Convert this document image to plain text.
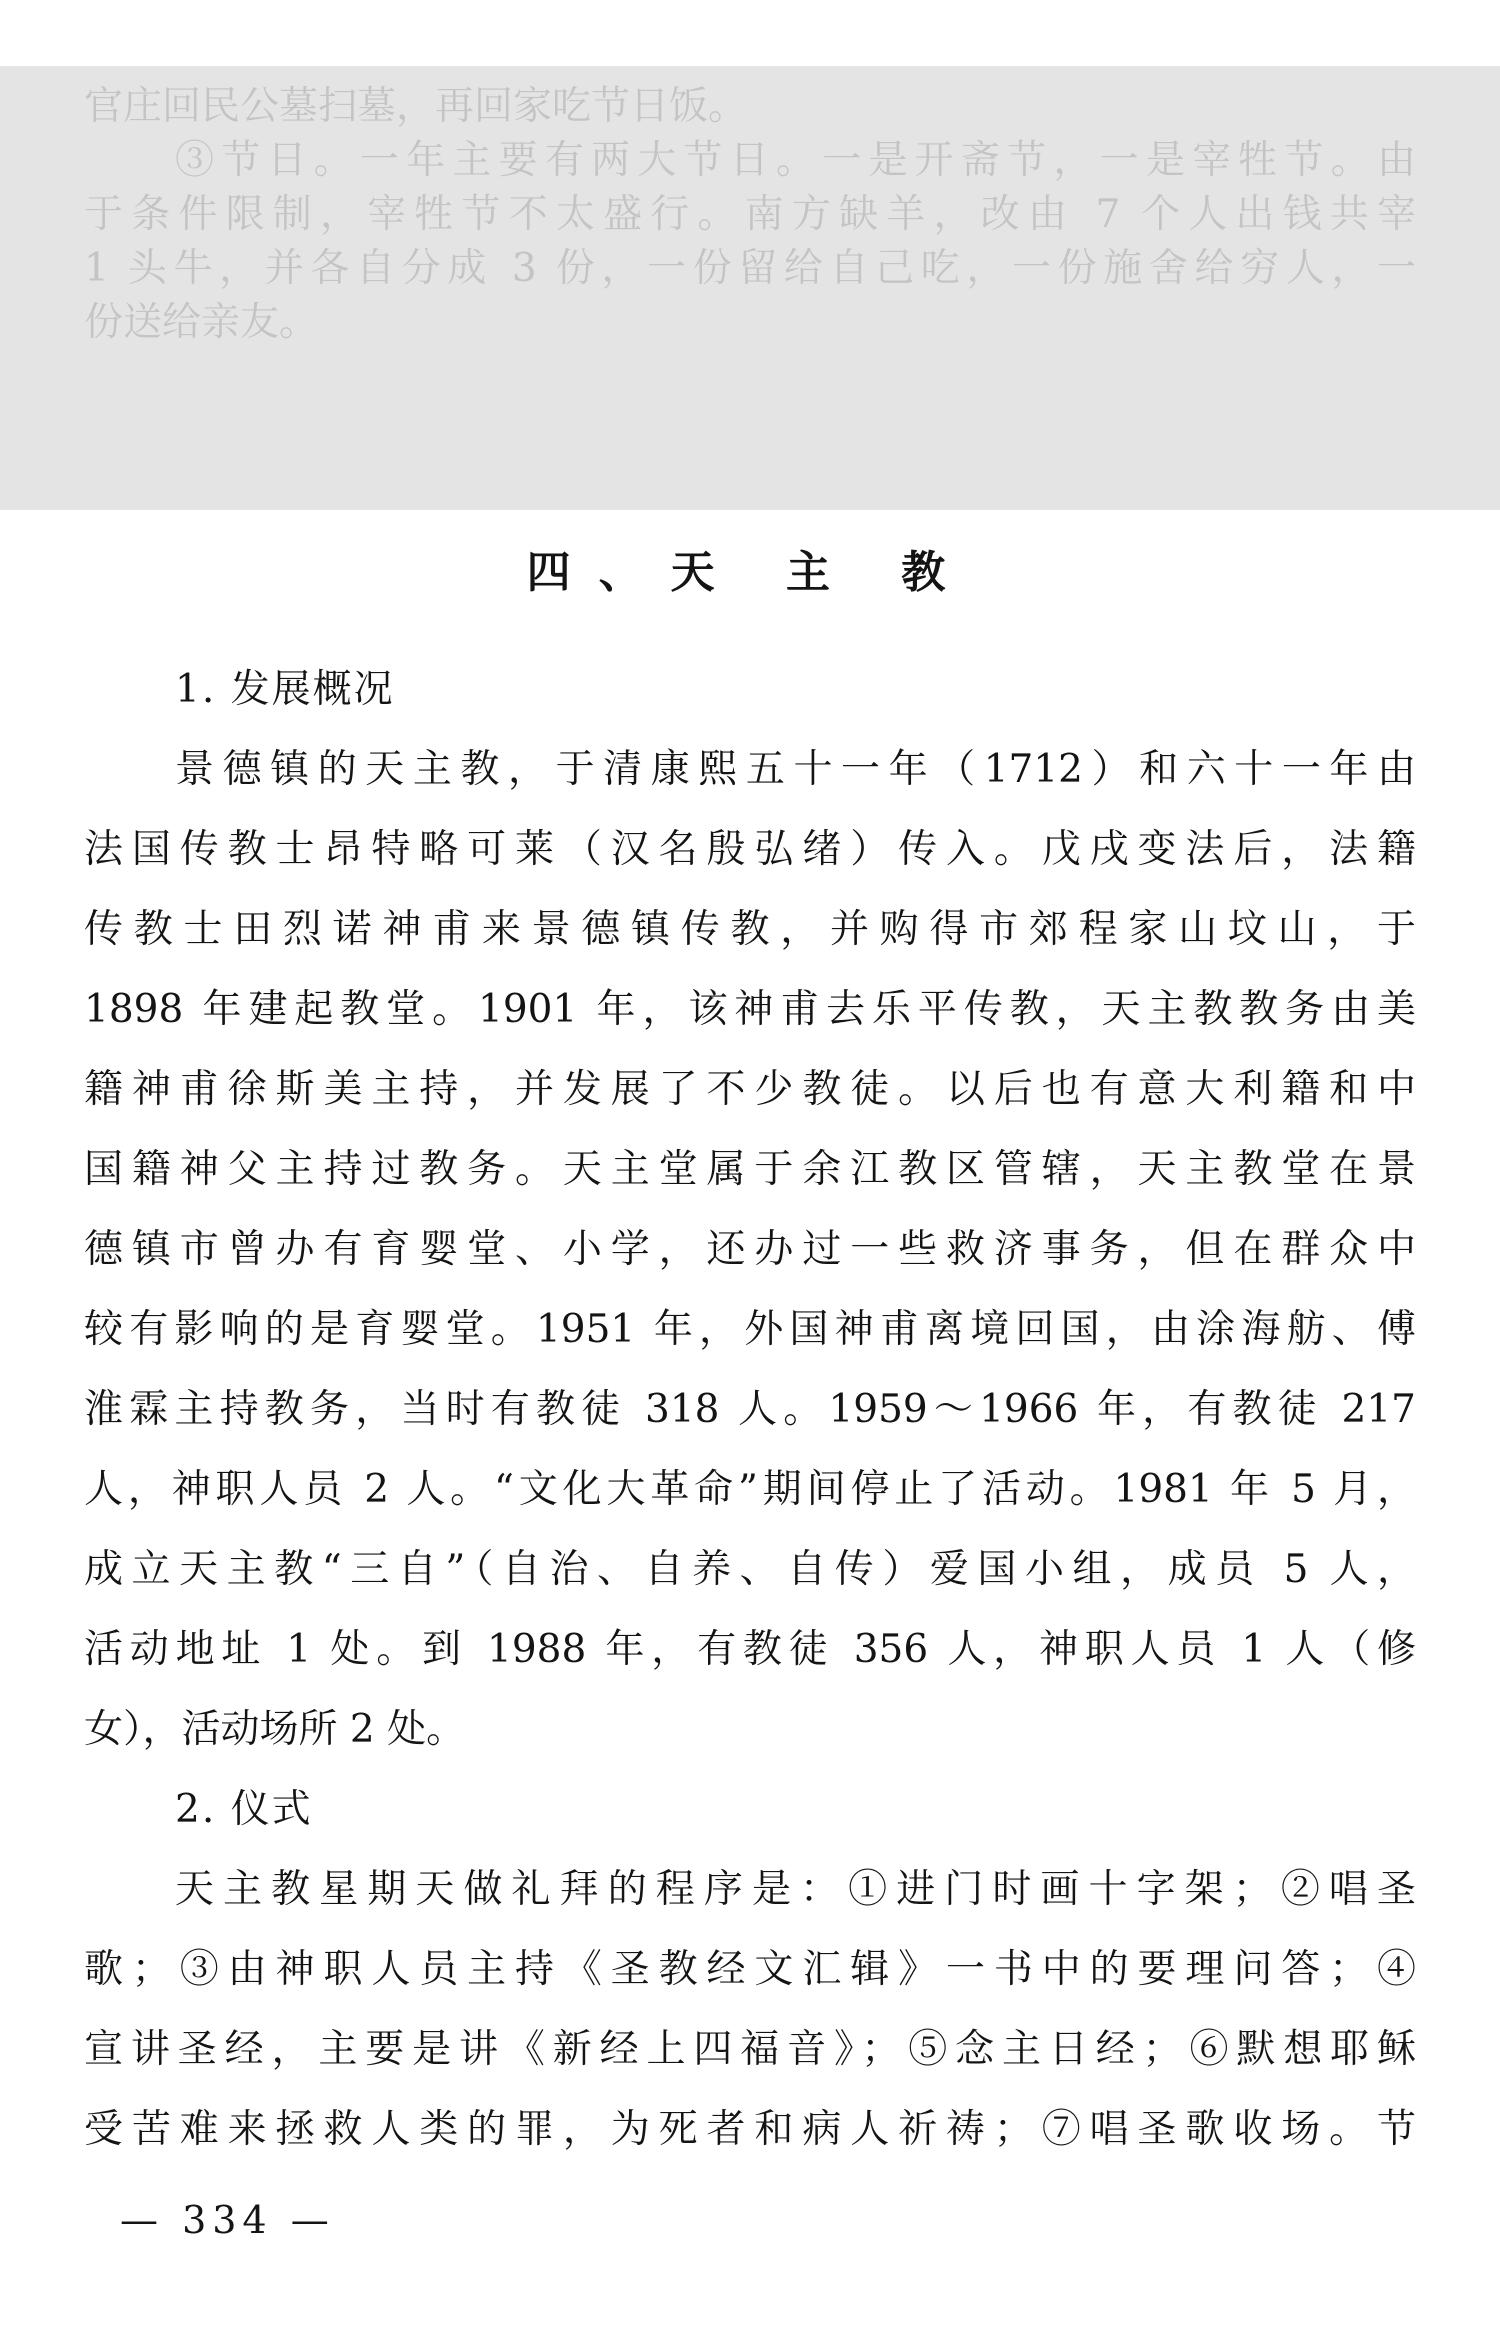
官庄回民公墓扫墓，再回家吃节日饭。
③节日。一年主要有两大节日。一是开斋节，一是宰牲节。由
于条件限制，宰牲节不太盛行。南方缺羊，改由 7 个人出钱共宰
1 头牛，并各自分成 3 份，一份留给自己吃，一份施舍给穷人，一
份送给亲友。
四、天 主 教
1. 发展概况
景德镇的天主教，于清康熙五十一年（1712）和六十一年由
法国传教士昂特略可莱（汉名殷弘绪）传入。戊戌变法后，法籍
传教士田烈诺神甫来景德镇传教，并购得市郊程家山坟山，于
1898 年建起教堂。1901 年，该神甫去乐平传教，天主教教务由美
籍神甫徐斯美主持，并发展了不少教徒。以后也有意大利籍和中
国籍神父主持过教务。天主堂属于余江教区管辖，天主教堂在景
德镇市曾办有育婴堂、小学，还办过一些救济事务，但在群众中
较有影响的是育婴堂。1951 年，外国神甫离境回国，由涂海舫、傅
淮霖主持教务，当时有教徒 318 人。1959～1966 年，有教徒 217
人，神职人员 2 人。“文化大革命”期间停止了活动。1981 年 5 月，
成立天主教“三自”（自治、自养、自传）爱国小组，成员 5 人，
活动地址 1 处。到 1988 年，有教徒 356 人，神职人员 1 人（修
女），活动场所 2 处。
2. 仪式
天主教星期天做礼拜的程序是：①进门时画十字架；②唱圣
歌；③由神职人员主持《圣教经文汇辑》一书中的要理问答；④
宣讲圣经，主要是讲《新经上四福音》；⑤念主日经；⑥默想耶稣
受苦难来拯救人类的罪，为死者和病人祈祷；⑦唱圣歌收场。节
— 334 —
